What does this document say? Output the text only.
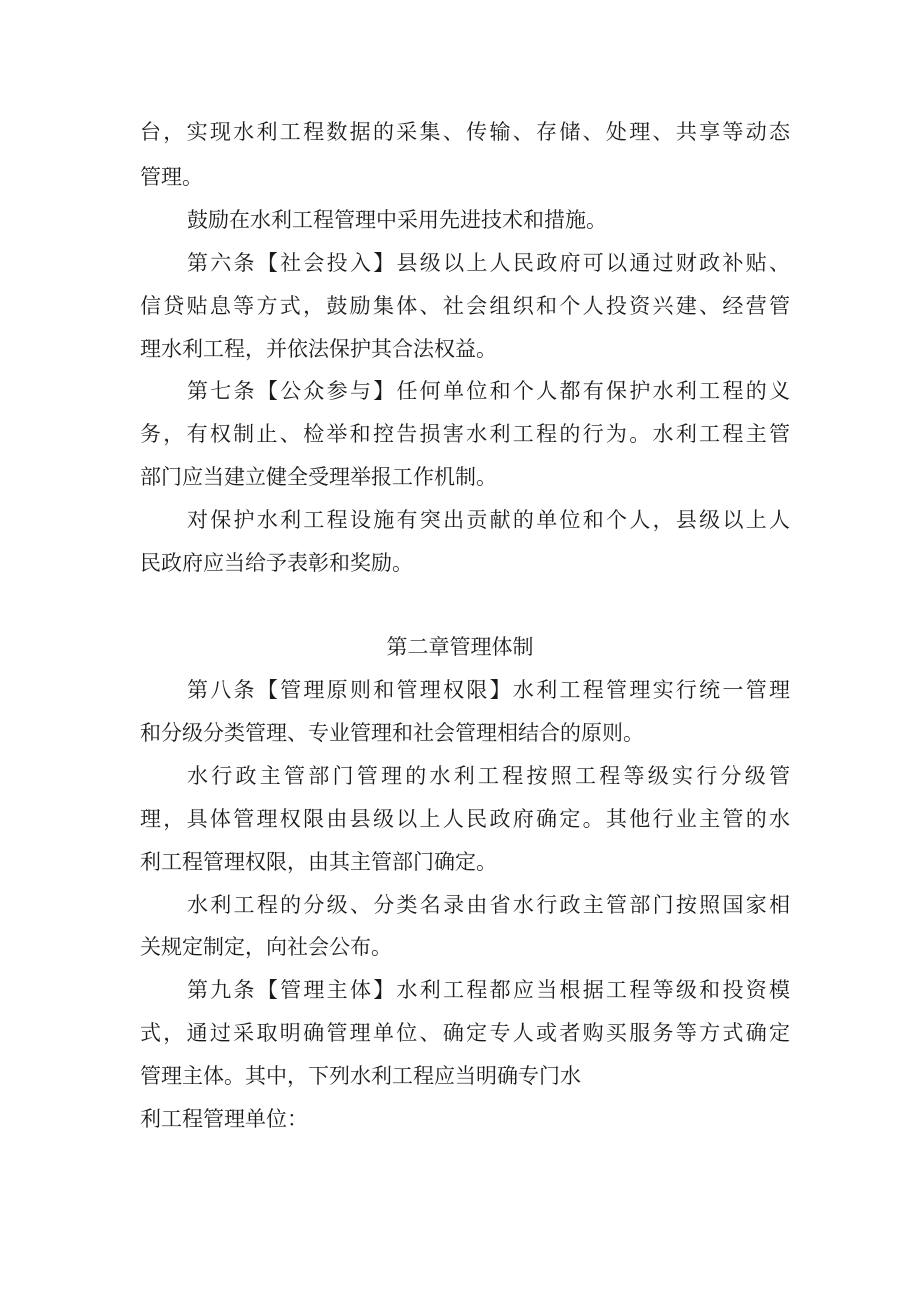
台，实现水利工程数据的采集、传输、存储、处理、共享等动态
管理。
鼓励在水利工程管理中采用先进技术和措施。
第六条【社会投入】县级以上人民政府可以通过财政补贴、
信贷贴息等方式，鼓励集体、社会组织和个人投资兴建、经营管
理水利工程，并依法保护其合法权益。
第七条【公众参与】任何单位和个人都有保护水利工程的义
务，有权制止、检举和控告损害水利工程的行为。水利工程主管
部门应当建立健全受理举报工作机制。
对保护水利工程设施有突出贡献的单位和个人，县级以上人
民政府应当给予表彰和奖励。
第二章管理体制
第八条【管理原则和管理权限】水利工程管理实行统一管理
和分级分类管理、专业管理和社会管理相结合的原则。
水行政主管部门管理的水利工程按照工程等级实行分级管
理，具体管理权限由县级以上人民政府确定。其他行业主管的水
利工程管理权限，由其主管部门确定。
水利工程的分级、分类名录由省水行政主管部门按照国家相
关规定制定，向社会公布。
第九条【管理主体】水利工程都应当根据工程等级和投资模
式，通过采取明确管理单位、确定专人或者购买服务等方式确定
管理主体。其中，下列水利工程应当明确专门水
利工程管理单位：
